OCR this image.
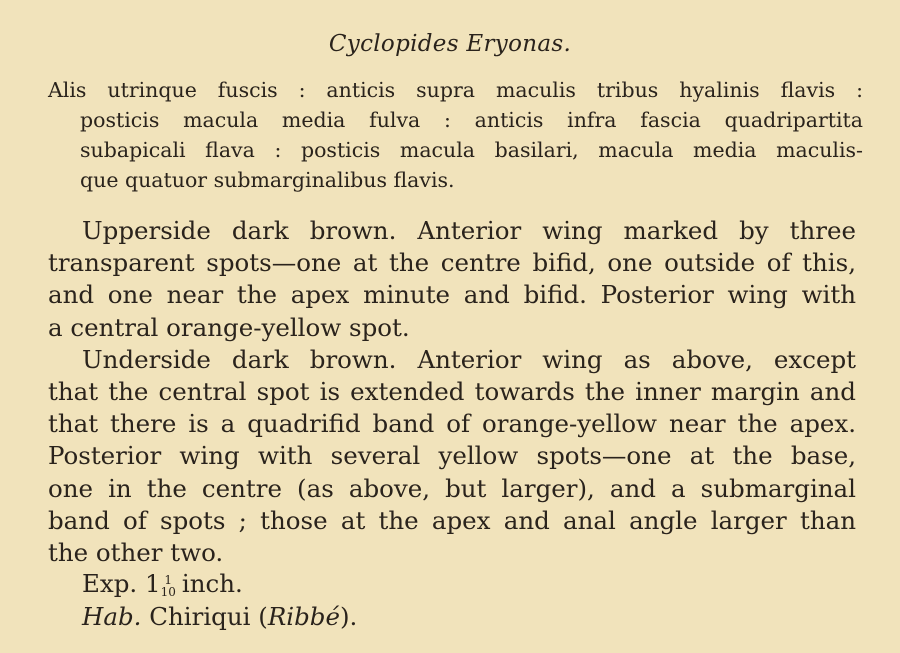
Cyclopides Eryonas.
Alis utrinque fuscis : anticis supra maculis tribus hyalinis flavis :
posticis macula media fulva : anticis infra fascia quadripartita
subapicali flava : posticis macula basilari, macula media maculis-
que quatuor submarginalibus flavis.
Upperside dark brown. Anterior wing marked by three
transparent spots—one at the centre bifid, one outside of this,
and one near the apex minute and bifid. Posterior wing with
a central orange-yellow spot.
Underside dark brown. Anterior wing as above, except
that the central spot is extended towards the inner margin and
that there is a quadrifid band of orange-yellow near the apex.
Posterior wing with several yellow spots—one at the base,
one in the centre (as above, but larger), and a submarginal
band of spots ; those at the apex and anal angle larger than
the other two.
Exp. 1 1
10 inch.
Hab. Chiriqui (Ribbé).
